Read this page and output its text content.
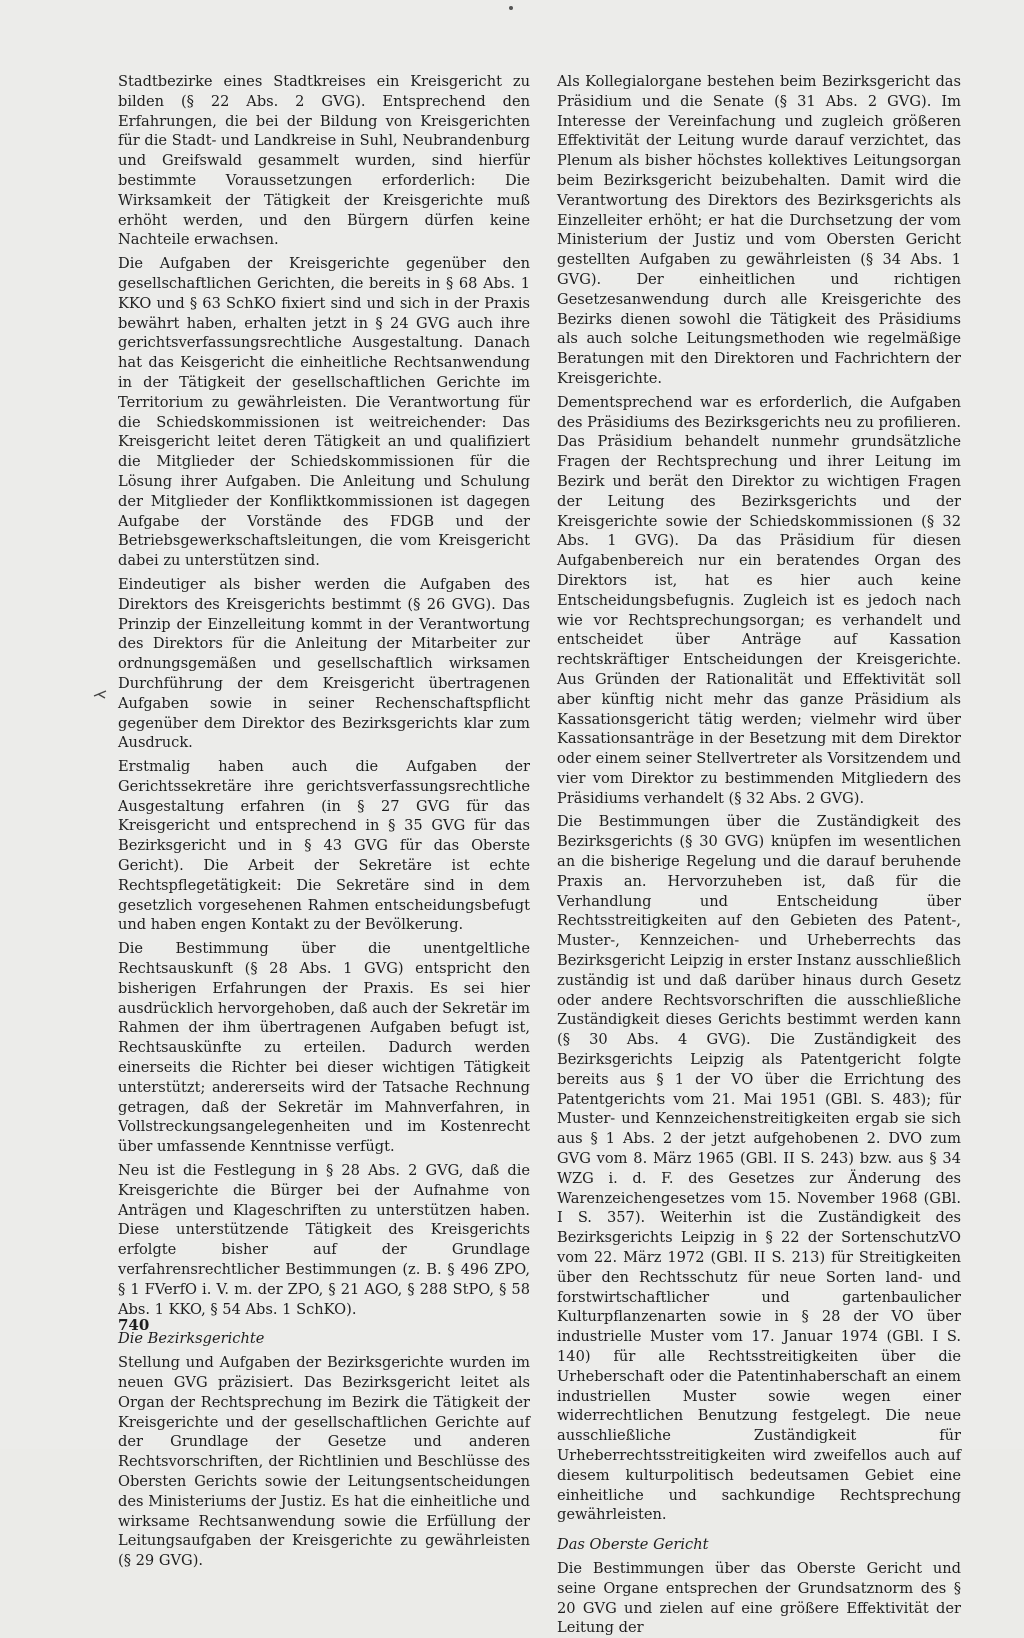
Stadtbezirke eines Stadtkreises ein Kreisgericht zu bilden (§ 22 Abs. 2 GVG). Entsprechend den Erfahrungen, die bei der Bildung von Kreisgerichten für die Stadt- und Landkreise in Suhl, Neubrandenburg und Greifswald gesammelt wurden, sind hierfür bestimmte Voraussetzungen erforderlich: Die Wirksamkeit der Tätigkeit der Kreisgerichte muß erhöht werden, und den Bürgern dürfen keine Nachteile erwachsen.

Die Aufgaben der Kreisgerichte gegenüber den gesellschaftlichen Gerichten, die bereits in § 68 Abs. 1 KKO und § 63 SchKO fixiert sind und sich in der Praxis bewährt haben, erhalten jetzt in § 24 GVG auch ihre gerichtsverfassungsrechtliche Ausgestaltung. Danach hat das Keisgericht die einheitliche Rechtsanwendung in der Tätigkeit der gesellschaftlichen Gerichte im Territorium zu gewährleisten. Die Verantwortung für die Schiedskommissionen ist weitreichender: Das Kreisgericht leitet deren Tätigkeit an und qualifiziert die Mitglieder der Schiedskommissionen für die Lösung ihrer Aufgaben. Die Anleitung und Schulung der Mitglieder der Konfliktkommissionen ist dagegen Aufgabe der Vorstände des FDGB und der Betriebsgewerkschaftsleitungen, die vom Kreisgericht dabei zu unterstützen sind.

Eindeutiger als bisher werden die Aufgaben des Direktors des Kreisgerichts bestimmt (§ 26 GVG). Das Prinzip der Einzelleitung kommt in der Verantwortung des Direktors für die Anleitung der Mitarbeiter zur ordnungsgemäßen und gesellschaftlich wirksamen Durchführung der dem Kreisgericht übertragenen Aufgaben sowie in seiner Rechenschaftspflicht gegenüber dem Direktor des Bezirksgerichts klar zum Ausdruck.

Erstmalig haben auch die Aufgaben der Gerichtssekretäre ihre gerichtsverfassungsrechtliche Ausgestaltung erfahren (in § 27 GVG für das Kreisgericht und entsprechend in § 35 GVG für das Bezirksgericht und in § 43 GVG für das Oberste Gericht). Die Arbeit der Sekretäre ist echte Rechtspflegetätigkeit: Die Sekretäre sind in dem gesetzlich vorgesehenen Rahmen entscheidungsbefugt und haben engen Kontakt zu der Bevölkerung.

Die Bestimmung über die unentgeltliche Rechtsauskunft (§ 28 Abs. 1 GVG) entspricht den bisherigen Erfahrungen der Praxis. Es sei hier ausdrücklich hervorgehoben, daß auch der Sekretär im Rahmen der ihm übertragenen Aufgaben befugt ist, Rechtsauskünfte zu erteilen. Dadurch werden einerseits die Richter bei dieser wichtigen Tätigkeit unterstützt; andererseits wird der Tatsache Rechnung getragen, daß der Sekretär im Mahnverfahren, in Vollstreckungsangelegenheiten und im Kostenrecht über umfassende Kenntnisse verfügt.

Neu ist die Festlegung in § 28 Abs. 2 GVG, daß die Kreisgerichte die Bürger bei der Aufnahme von Anträgen und Klageschriften zu unterstützen haben. Diese unterstützende Tätigkeit des Kreisgerichts erfolgte bisher auf der Grundlage verfahrensrechtlicher Bestimmungen (z. B. § 496 ZPO, § 1 FVerfO i. V. m. der ZPO, § 21 AGO, § 288 StPO, § 58 Abs. 1 KKO, § 54 Abs. 1 SchKO).

Die Bezirksgerichte

Stellung und Aufgaben der Bezirksgerichte wurden im neuen GVG präzisiert. Das Bezirksgericht leitet als Organ der Rechtsprechung im Bezirk die Tätigkeit der Kreisgerichte und der gesellschaftlichen Gerichte auf der Grundlage der Gesetze und anderen Rechtsvorschriften, der Richtlinien und Beschlüsse des Obersten Gerichts sowie der Leitungsentscheidungen des Ministeriums der Justiz. Es hat die einheitliche und wirksame Rechtsanwendung sowie die Erfüllung der Leitungsaufgaben der Kreisgerichte zu gewährleisten (§ 29 GVG).

Als Kollegialorgane bestehen beim Bezirksgericht das Präsidium und die Senate (§ 31 Abs. 2 GVG). Im Interesse der Vereinfachung und zugleich größeren Effektivität der Leitung wurde darauf verzichtet, das Plenum als bisher höchstes kollektives Leitungsorgan beim Bezirksgericht beizubehalten. Damit wird die Verantwortung des Direktors des Bezirksgerichts als Einzelleiter erhöht; er hat die Durchsetzung der vom Ministerium der Justiz und vom Obersten Gericht gestellten Aufgaben zu gewährleisten (§ 34 Abs. 1 GVG). Der einheitlichen und richtigen Gesetzesanwendung durch alle Kreisgerichte des Bezirks dienen sowohl die Tätigkeit des Präsidiums als auch solche Leitungsmethoden wie regelmäßige Beratungen mit den Direktoren und Fachrichtern der Kreisgerichte.

Dementsprechend war es erforderlich, die Aufgaben des Präsidiums des Bezirksgerichts neu zu profilieren. Das Präsidium behandelt nunmehr grundsätzliche Fragen der Rechtsprechung und ihrer Leitung im Bezirk und berät den Direktor zu wichtigen Fragen der Leitung des Bezirksgerichts und der Kreisgerichte sowie der Schiedskommissionen (§ 32 Abs. 1 GVG). Da das Präsidium für diesen Aufgabenbereich nur ein beratendes Organ des Direktors ist, hat es hier auch keine Entscheidungsbefugnis. Zugleich ist es jedoch nach wie vor Rechtsprechungsorgan; es verhandelt und entscheidet über Anträge auf Kassation rechtskräftiger Entscheidungen der Kreisgerichte. Aus Gründen der Rationalität und Effektivität soll aber künftig nicht mehr das ganze Präsidium als Kassationsgericht tätig werden; vielmehr wird über Kassationsanträge in der Besetzung mit dem Direktor oder einem seiner Stellvertreter als Vorsitzendem und vier vom Direktor zu bestimmenden Mitgliedern des Präsidiums verhandelt (§ 32 Abs. 2 GVG).

Die Bestimmungen über die Zuständigkeit des Bezirksgerichts (§ 30 GVG) knüpfen im wesentlichen an die bisherige Regelung und die darauf beruhende Praxis an. Hervorzuheben ist, daß für die Verhandlung und Entscheidung über Rechtsstreitigkeiten auf den Gebieten des Patent-, Muster-, Kennzeichen- und Urheberrechts das Bezirksgericht Leipzig in erster Instanz ausschließlich zuständig ist und daß darüber hinaus durch Gesetz oder andere Rechtsvorschriften die ausschließliche Zuständigkeit dieses Gerichts bestimmt werden kann (§ 30 Abs. 4 GVG). Die Zuständigkeit des Bezirksgerichts Leipzig als Patentgericht folgte bereits aus § 1 der VO über die Errichtung des Patentgerichts vom 21. Mai 1951 (GBl. S. 483); für Muster- und Kennzeichenstreitigkeiten ergab sie sich aus § 1 Abs. 2 der jetzt aufgehobenen 2. DVO zum GVG vom 8. März 1965 (GBl. II S. 243) bzw. aus § 34 WZG i. d. F. des Gesetzes zur Änderung des Warenzeichengesetzes vom 15. November 1968 (GBl. I S. 357). Weiterhin ist die Zuständigkeit des Bezirksgerichts Leipzig in § 22 der SortenschutzVO vom 22. März 1972 (GBl. II S. 213) für Streitigkeiten über den Rechtsschutz für neue Sorten land- und forstwirtschaftlicher und gartenbaulicher Kulturpflanzenarten sowie in § 28 der VO über industrielle Muster vom 17. Januar 1974 (GBl. I S. 140) für alle Rechtsstreitigkeiten über die Urheberschaft oder die Patentinhaberschaft an einem industriellen Muster sowie wegen einer widerrechtlichen Benutzung festgelegt. Die neue ausschließliche Zuständigkeit für Urheberrechtsstreitigkeiten wird zweifellos auch auf diesem kulturpolitisch bedeutsamen Gebiet eine einheitliche und sachkundige Rechtsprechung gewährleisten.

Das Oberste Gericht

Die Bestimmungen über das Oberste Gericht und seine Organe entsprechen der Grundsatznorm des § 20 GVG und zielen auf eine größere Effektivität der Leitung der

740
